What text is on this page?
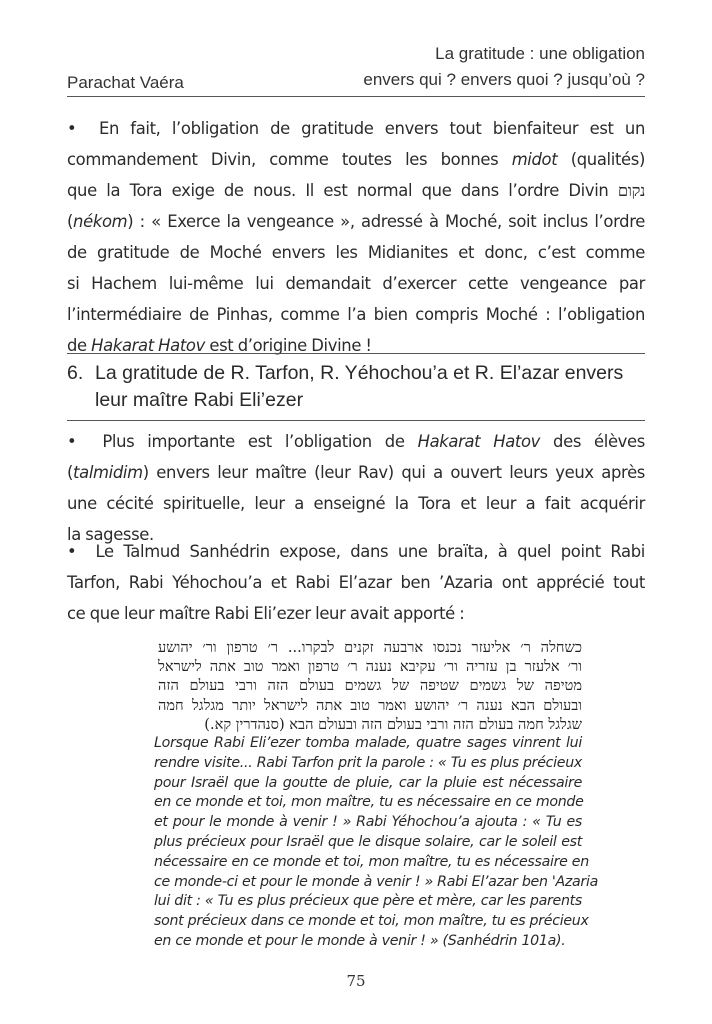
Parachat Vaéra
La gratitude : une obligation
envers qui ? envers quoi ? jusqu’où ?
• En fait, l’obligation de gratitude envers tout bienfaiteur est un
commandement Divin, comme toutes les bonnes midot (qualités)
que la Tora exige de nous. Il est normal que dans l’ordre Divin נקום
(nékom) : « Exerce la vengeance », adressé à Moché, soit inclus l’ordre
de gratitude de Moché envers les Midianites et donc, c’est comme
si Hachem lui-même lui demandait d’exercer cette vengeance par
l’intermédiaire de Pinhas, comme l’a bien compris Moché : l’obligation
de Hakarat Hatov est d’origine Divine !
6. La gratitude de R. Tarfon, R. Yéhochou’a et R. El’azar envers
leur maître Rabi Eli’ezer
• Plus importante est l’obligation de Hakarat Hatov des élèves
(talmidim) envers leur maître (leur Rav) qui a ouvert leurs yeux après
une cécité spirituelle, leur a enseigné la Tora et leur a fait acquérir
la sagesse.
• Le Talmud Sanhédrin expose, dans une braïta, à quel point Rabi
Tarfon, Rabi Yéhochou’a et Rabi El’azar ben ’Azaria ont apprécié tout
ce que leur maître Rabi Eli’ezer leur avait apporté :
כשחלה ר׳ אליעזר נכנסו ארבעה זקנים לבקרו... ר׳ טרפון ור׳ יהושע
ור׳ אלעזר בן עזריה ור׳ עקיבא נענה ר׳ טרפון ואמר טוב אתה לישראל
מטיפה של גשמים שטיפה של גשמים בעולם הזה ורבי בעולם הזה
ובעולם הבא נענה ר׳ יהושע ואמר טוב אתה לישראל יותר מגלגל חמה
שגלגל חמה בעולם הזה ורבי בעולם הזה ובעולם הבא (סנהדרין קא.)
Lorsque Rabi Eli’ezer tomba malade, quatre sages vinrent lui
rendre visite... Rabi Tarfon prit la parole : « Tu es plus précieux
pour Israël que la goutte de pluie, car la pluie est nécessaire
en ce monde et toi, mon maître, tu es nécessaire en ce monde
et pour le monde à venir ! » Rabi Yéhochou’a ajouta : « Tu es
plus précieux pour Israël que le disque solaire, car le soleil est
nécessaire en ce monde et toi, mon maître, tu es nécessaire en
ce monde-ci et pour le monde à venir ! » Rabi El’azar ben 'Azaria
lui dit : « Tu es plus précieux que père et mère, car les parents
sont précieux dans ce monde et toi, mon maître, tu es précieux
en ce monde et pour le monde à venir ! » (Sanhédrin 101a).
75
